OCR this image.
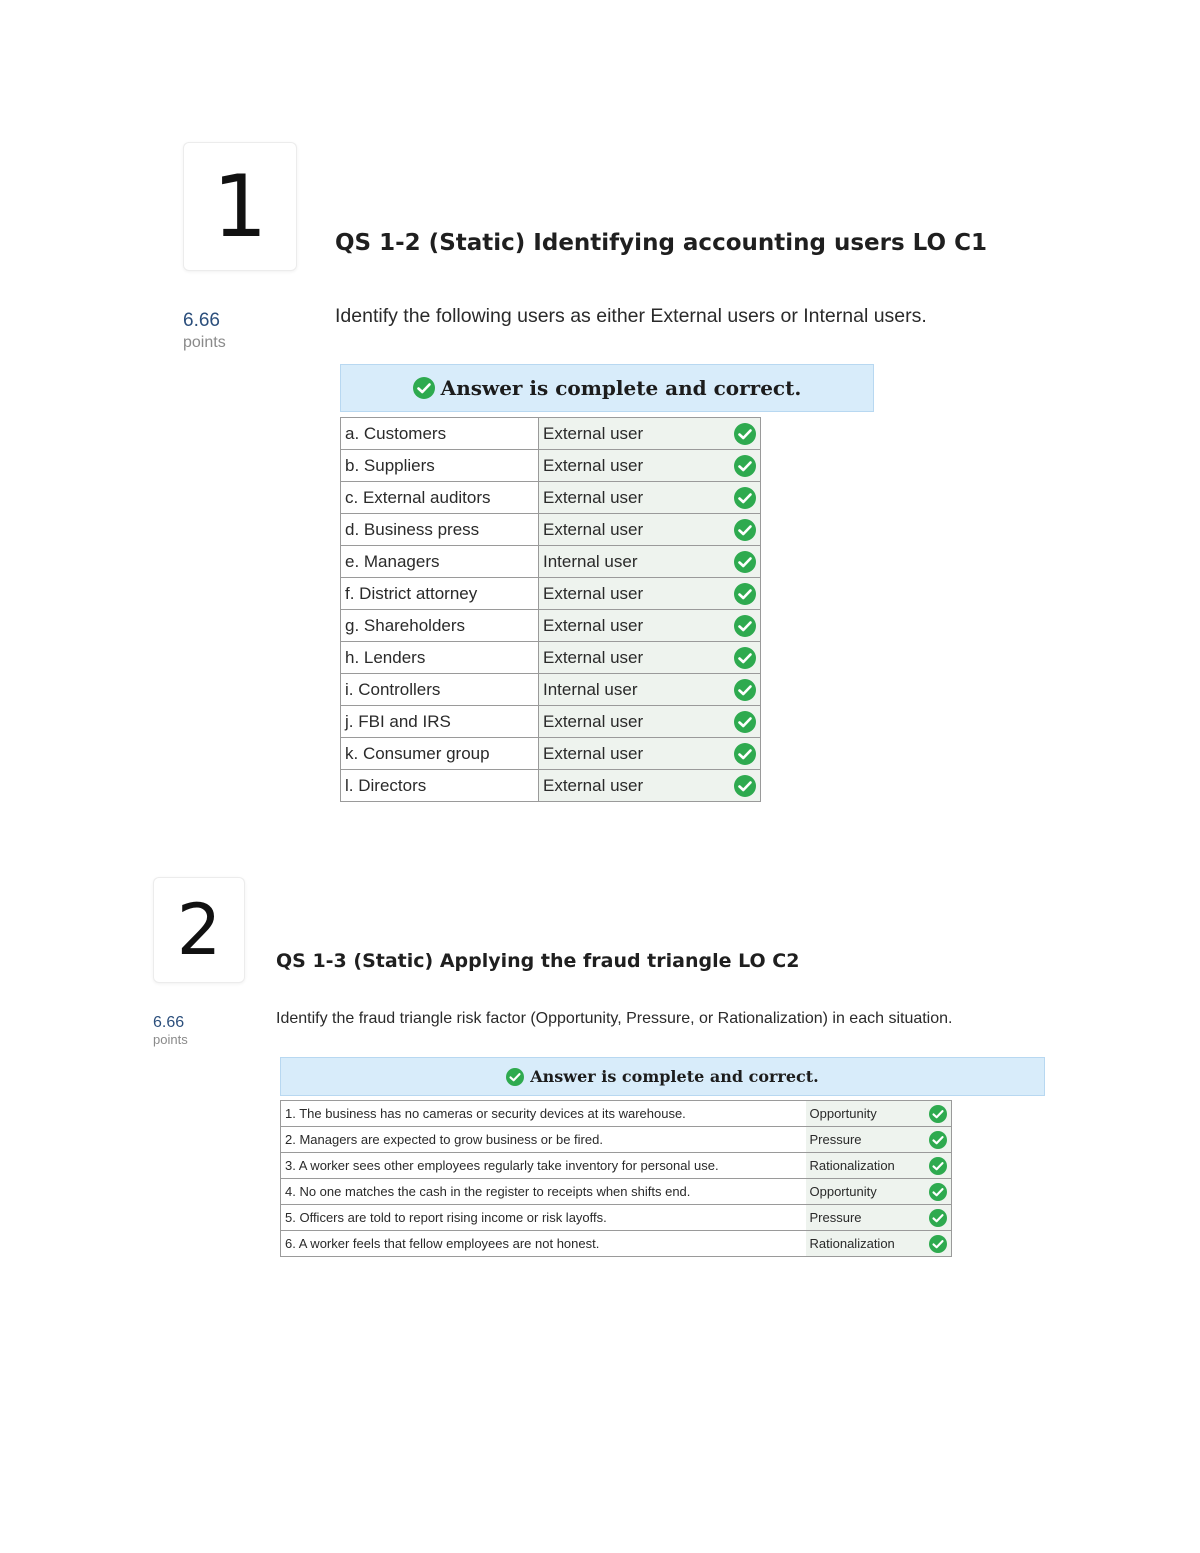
1	QS 1-2 (Static) Identifying accounting users LO C1
6.66
points

Identify the following users as either External users or Internal users.

Answer is complete and correct.
a. Customers	External user

b. Suppliers	External user

c. External auditors	External user

d. Business press	External user

e. Managers	Internal user

f. District attorney	External user

g. Shareholders	External user

h. Lenders	External user

i. Controllers	Internal user

j. FBI and IRS	External user

k. Consumer group	External user

l. Directors	External user
2	QS 1-3 (Static) Applying the fraud triangle LO C2
6.66
points

Identify the fraud triangle risk factor (Opportunity, Pressure, or Rationalization) in each situation.

Answer is complete and correct.
1. The business has no cameras or security devices at its warehouse.	Opportunity

2. Managers are expected to grow business or be fired.	Pressure

3. A worker sees other employees regularly take inventory for personal use.	Rationalization

4. No one matches the cash in the register to receipts when shifts end.	Opportunity

5. Officers are told to report rising income or risk layoffs.	Pressure

6. A worker feels that fellow employees are not honest.	Rationalization
